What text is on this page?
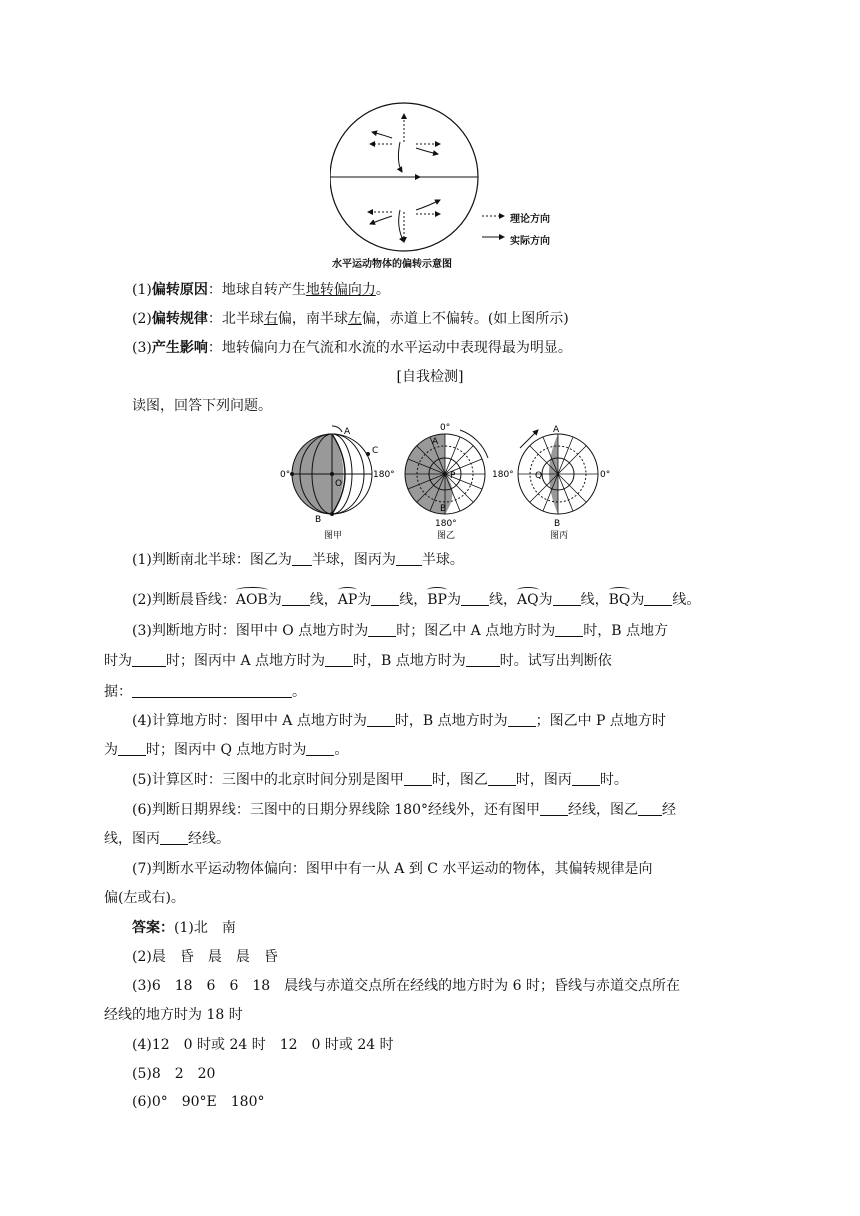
理论方向
实际方向
水平运动物体的偏转示意图
(1)偏转原因：地球自转产生地转偏向力。
(2)偏转规律：北半球右偏，南半球左偏，赤道上不偏转。(如上图所示)
(3)产生影响：地转偏向力在气流和水流的水平运动中表现得最为明显。
[自我检测]
读图，回答下列问题。
A
C
O
B
0°	180°
图甲
0°
A
P
B
180°
图乙
A
Q
180°	0°
B
图丙
(1)判断南北半球：图乙为 半球，图丙为 半球。
(2)判断晨昏线：AOB为 线，AP为 线，BP为 线，AQ为 线，BQ为 线。
(3)判断地方时：图甲中 O 点地方时为 时；图乙中 A 点地方时为 时，B 点地方
时为 时；图丙中 A 点地方时为 时，B 点地方时为 时。试写出判断依
据：	。
(4)计算地方时：图甲中 A 点地方时为 时，B 点地方时为 ；图乙中 P 点地方时
为 时；图丙中 Q 点地方时为 。
(5)计算区时：三图中的北京时间分别是图甲 时，图乙 时，图丙 时。
(6)判断日期界线：三图中的日期分界线除 180°经线外，还有图甲 经线，图乙 经
线，图丙 经线。
(7)判断水平运动物体偏向：图甲中有一从 A 到 C 水平运动的物体，其偏转规律是向
偏(左或右)。
答案：(1)北　南
(2)晨　昏　晨　晨　昏
(3)6　18　6　6　18　晨线与赤道交点所在经线的地方时为 6 时；昏线与赤道交点所在
经线的地方时为 18 时
(4)12　0 时或 24 时　12　0 时或 24 时
(5)8　2　20
(6)0°　90°E　180°
